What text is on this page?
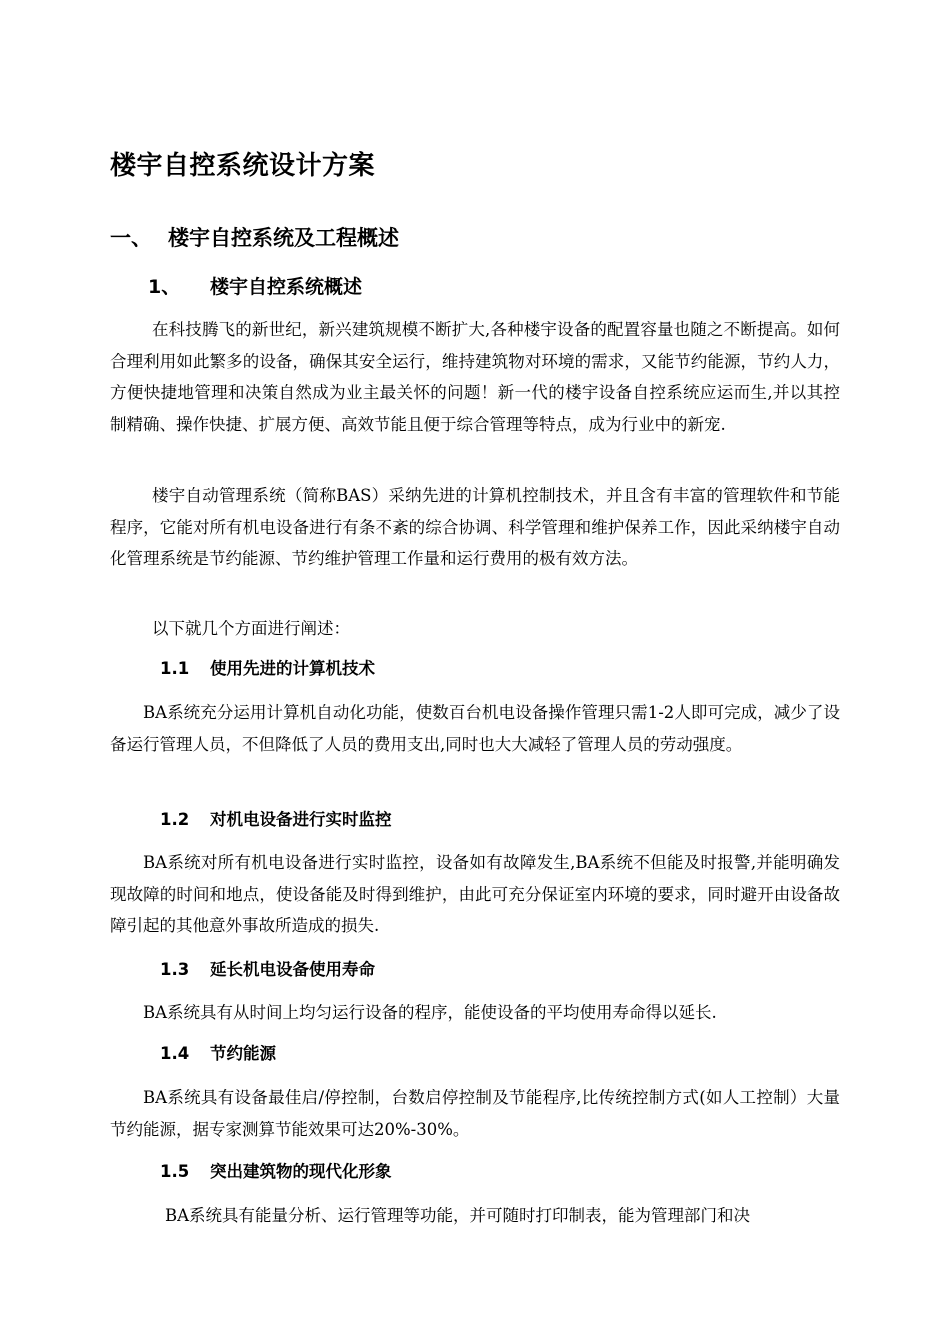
楼宇自控系统设计方案
一、 楼宇自控系统及工程概述
1、 楼宇自控系统概述
在科技腾飞的新世纪，新兴建筑规模不断扩大,各种楼宇设备的配置容量也随之不断提高。如何合理利用如此繁多的设备，确保其安全运行，维持建筑物对环境的需求，又能节约能源，节约人力，方便快捷地管理和决策自然成为业主最关怀的问题！新一代的楼宇设备自控系统应运而生,并以其控制精确、操作快捷、扩展方便、高效节能且便于综合管理等特点，成为行业中的新宠.
楼宇自动管理系统（简称BAS）采纳先进的计算机控制技术，并且含有丰富的管理软件和节能程序，它能对所有机电设备进行有条不紊的综合协调、科学管理和维护保养工作，因此采纳楼宇自动化管理系统是节约能源、节约维护管理工作量和运行费用的极有效方法。
以下就几个方面进行阐述：
1.1 使用先进的计算机技术
BA系统充分运用计算机自动化功能，使数百台机电设备操作管理只需1-2人即可完成，减少了设备运行管理人员，不但降低了人员的费用支出,同时也大大减轻了管理人员的劳动强度。
1.2 对机电设备进行实时监控
BA系统对所有机电设备进行实时监控，设备如有故障发生,BA系统不但能及时报警,并能明确发现故障的时间和地点，使设备能及时得到维护，由此可充分保证室内环境的要求，同时避开由设备故障引起的其他意外事故所造成的损失.
1.3 延长机电设备使用寿命
BA系统具有从时间上均匀运行设备的程序，能使设备的平均使用寿命得以延长.
1.4 节约能源
BA系统具有设备最佳启/停控制，台数启停控制及节能程序,比传统控制方式(如人工控制）大量节约能源，据专家测算节能效果可达20%-30%。
1.5 突出建筑物的现代化形象
BA系统具有能量分析、运行管理等功能，并可随时打印制表，能为管理部门和决
